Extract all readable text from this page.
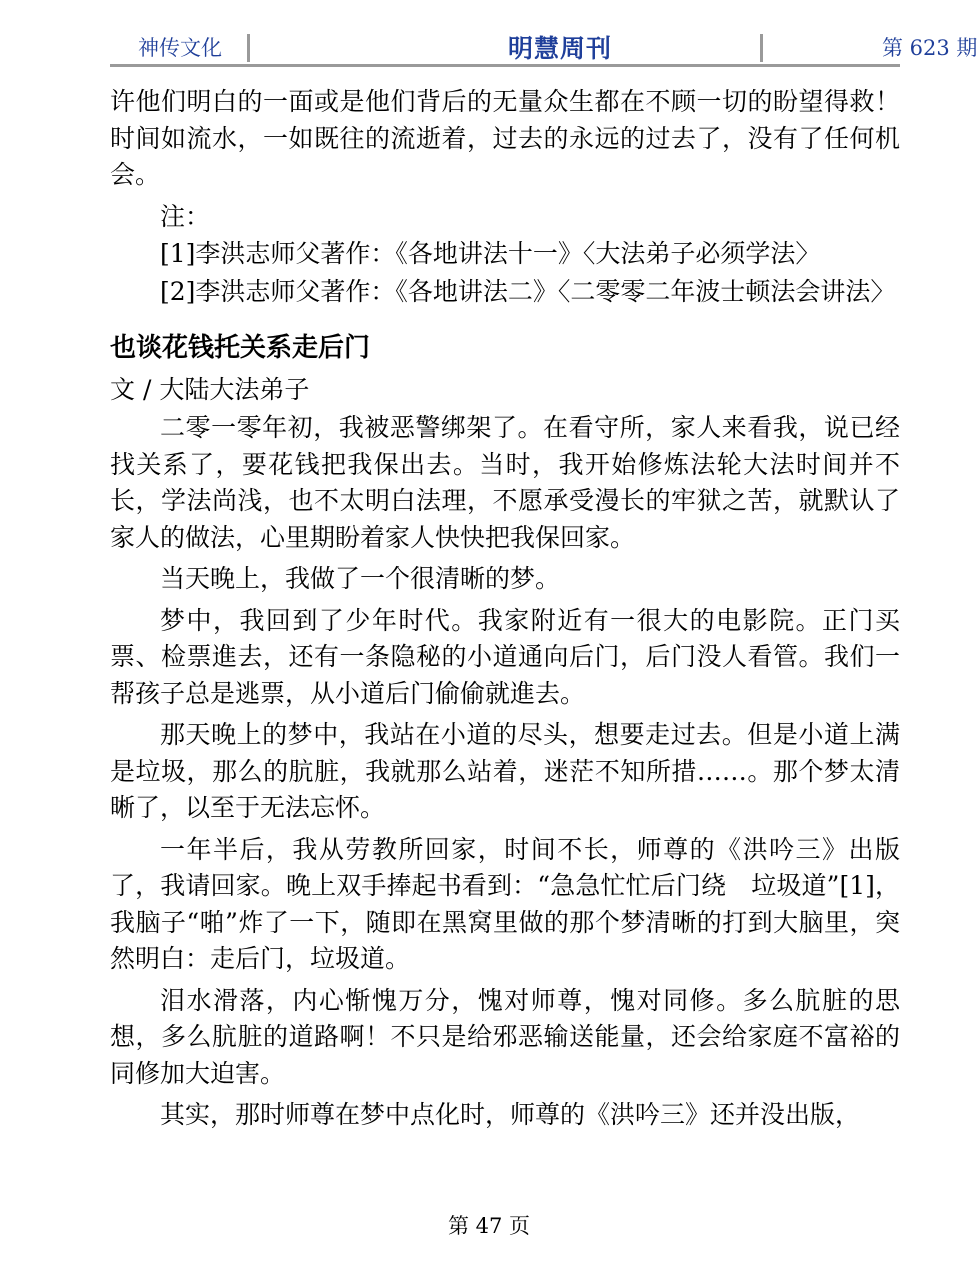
神传文化	明慧周刊	第 623 期

许他们明白的一面或是他们背后的无量众生都在不顾一切的盼望得救！时间如流水，一如既往的流逝着，过去的永远的过去了，没有了任何机会。

注：

[1]李洪志师父著作：《各地讲法十一》〈大法弟子必须学法〉

[2]李洪志师父著作：《各地讲法二》〈二零零二年波士顿法会讲法〉

也谈花钱托关系走后门

文 / 大陆大法弟子

二零一零年初，我被恶警绑架了。在看守所，家人来看我，说已经找关系了，要花钱把我保出去。当时，我开始修炼法轮大法时间并不长，学法尚浅，也不太明白法理，不愿承受漫长的牢狱之苦，就默认了家人的做法，心里期盼着家人快快把我保回家。

当天晚上，我做了一个很清晰的梦。

梦中，我回到了少年时代。我家附近有一很大的电影院。正门买票、检票進去，还有一条隐秘的小道通向后门，后门没人看管。我们一帮孩子总是逃票，从小道后门偷偷就進去。

那天晚上的梦中，我站在小道的尽头，想要走过去。但是小道上满是垃圾，那么的肮脏，我就那么站着，迷茫不知所措……。那个梦太清晰了，以至于无法忘怀。

一年半后，我从劳教所回家，时间不长，师尊的《洪吟三》出版了，我请回家。晚上双手捧起书看到：“急急忙忙后门绕　垃圾道”[1]，我脑子“啪”炸了一下，随即在黑窝里做的那个梦清晰的打到大脑里，突然明白：走后门，垃圾道。

泪水滑落，内心惭愧万分，愧对师尊，愧对同修。多么肮脏的思想，多么肮脏的道路啊！不只是给邪恶输送能量，还会给家庭不富裕的同修加大迫害。

其实，那时师尊在梦中点化时，师尊的《洪吟三》还并没出版，

第 47 页
